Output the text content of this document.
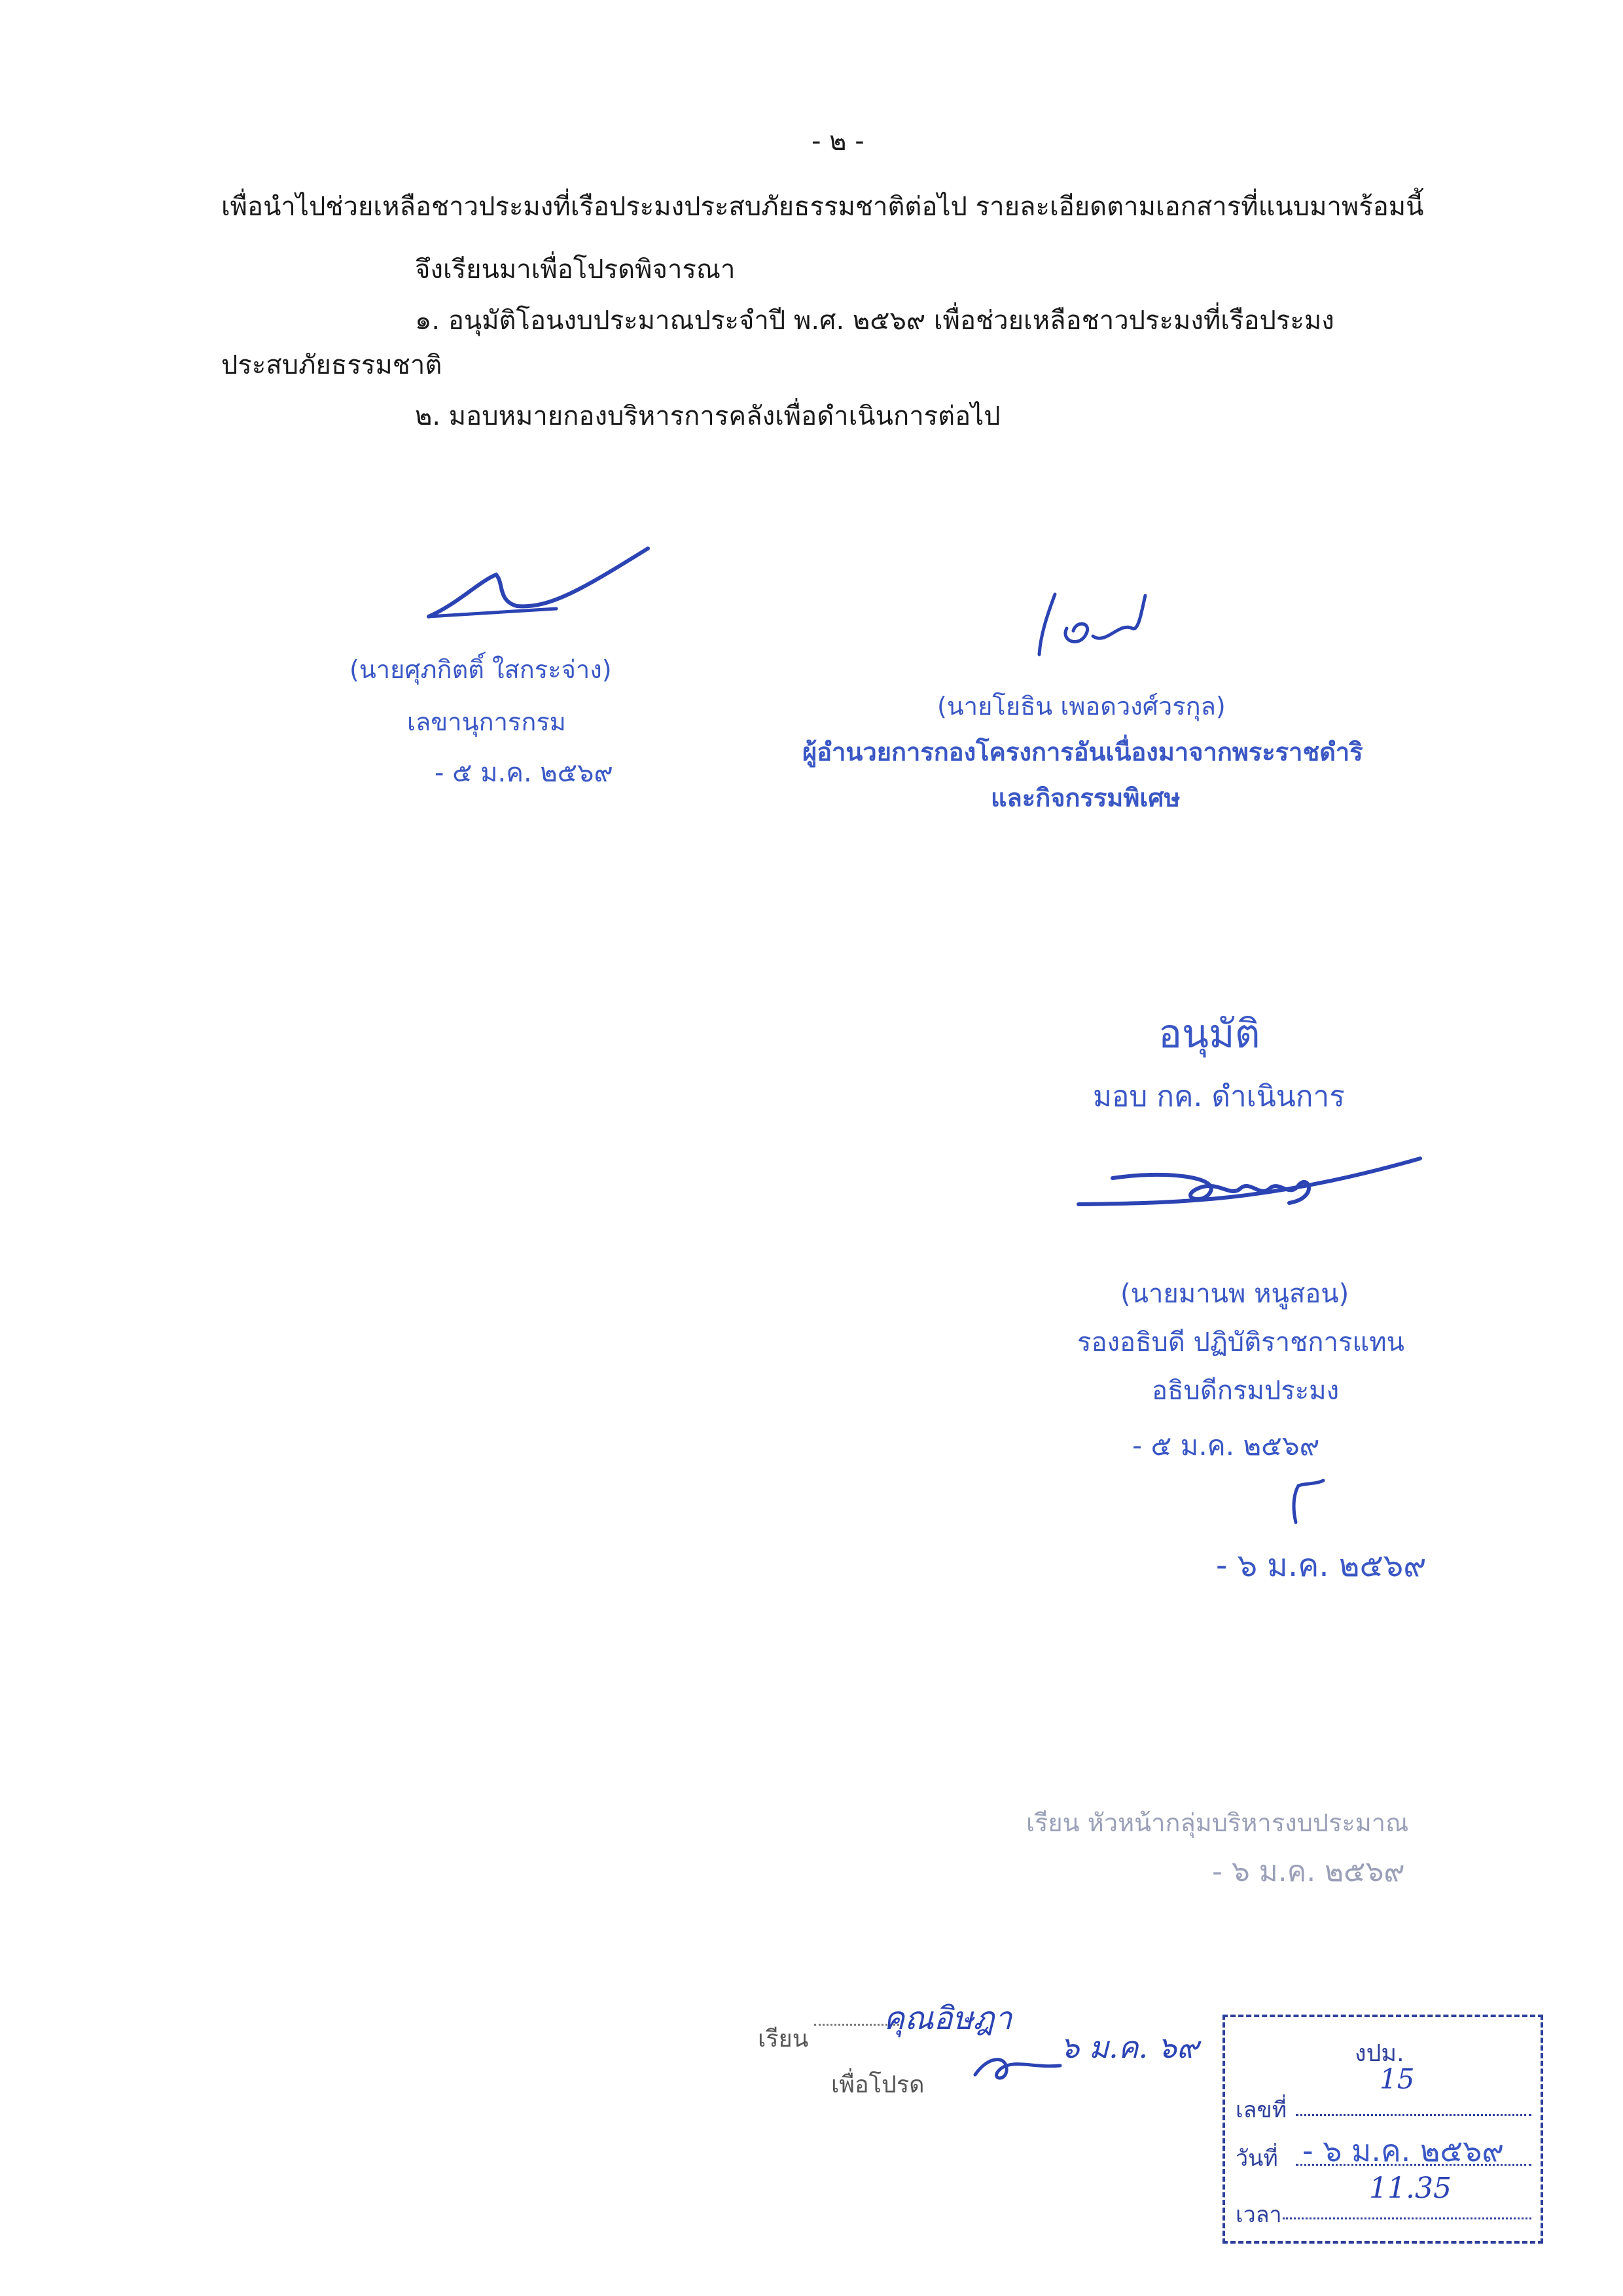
- ๒ -
เพื่อนำไปช่วยเหลือชาวประมงที่เรือประมงประสบภัยธรรมชาติต่อไป รายละเอียดตามเอกสารที่แนบมาพร้อมนี้
จึงเรียนมาเพื่อโปรดพิจารณา
๑. อนุมัติโอนงบประมาณประจำปี พ.ศ. ๒๕๖๙ เพื่อช่วยเหลือชาวประมงที่เรือประมง
ประสบภัยธรรมชาติ
๒. มอบหมายกองบริหารการคลังเพื่อดำเนินการต่อไป
(นายศุภกิตติ์ ใสกระจ่าง)
เลขานุการกรม
- ๕ ม.ค. ๒๕๖๙
(นายโยธิน เพอดวงศ์วรกุล)
ผู้อำนวยการกองโครงการอันเนื่องมาจากพระราชดำริ
และกิจกรรมพิเศษ
อนุมัติ
มอบ กค. ดำเนินการ
(นายมานพ หนูสอน)
รองอธิบดี ปฏิบัติราชการแทน
อธิบดีกรมประมง
- ๕ ม.ค. ๒๕๖๙
- ๖ ม.ค. ๒๕๖๙
เรียน หัวหน้ากลุ่มบริหารงบประมาณ
- ๖ ม.ค. ๒๕๖๙
เรียน
คุณอิษฎา
เพื่อโปรด
๖ ม.ค. ๖๙	งปม.
15
เลขที่
วันที่ - ๖ ม.ค. ๒๕๖๙
เวลา
11.35
